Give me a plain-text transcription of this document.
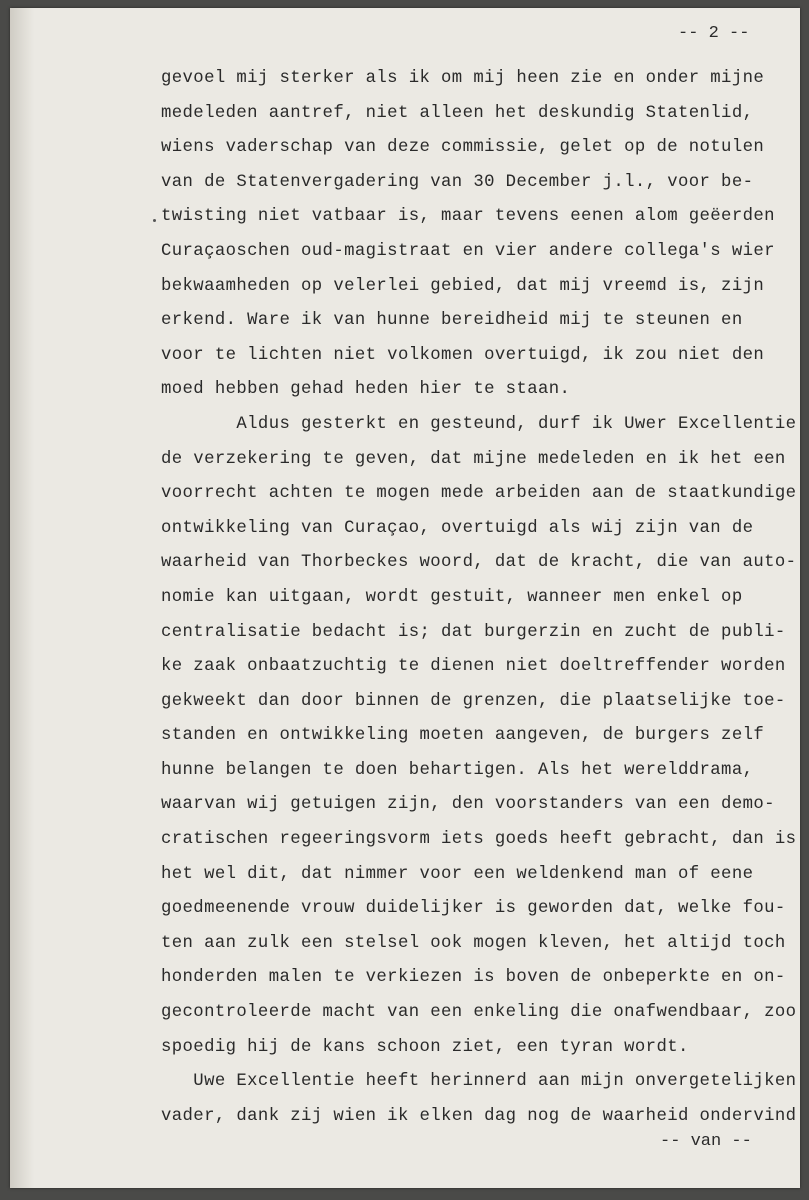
-- 2 --

gevoel mij sterker als ik om mij heen zie en onder mijne
medeleden aantref, niet alleen het deskundig Statenlid,
wiens vaderschap van deze commissie, gelet op de notulen
van de Statenvergadering van 30 December j.l., voor be-
twisting niet vatbaar is, maar tevens eenen alom geëerden
Curaçaoschen oud-magistraat en vier andere collega's wier
bekwaamheden op velerlei gebied, dat mij vreemd is, zijn
erkend. Ware ik van hunne bereidheid mij te steunen en
voor te lichten niet volkomen overtuigd, ik zou niet den
moed hebben gehad heden hier te staan.
Aldus gesterkt en gesteund, durf ik Uwer Excellentie
de verzekering te geven, dat mijne medeleden en ik het een
voorrecht achten te mogen mede arbeiden aan de staatkundige
ontwikkeling van Curaçao, overtuigd als wij zijn van de
waarheid van Thorbeckes woord, dat de kracht, die van auto-
nomie kan uitgaan, wordt gestuit, wanneer men enkel op
centralisatie bedacht is; dat burgerzin en zucht de publi-
ke zaak onbaatzuchtig te dienen niet doeltreffender worden
gekweekt dan door binnen de grenzen, die plaatselijke toe-
standen en ontwikkeling moeten aangeven, de burgers zelf
hunne belangen te doen behartigen. Als het werelddrama,
waarvan wij getuigen zijn, den voorstanders van een demo-
cratischen regeeringsvorm iets goeds heeft gebracht, dan is
het wel dit, dat nimmer voor een weldenkend man of eene
goedmeenende vrouw duidelijker is geworden dat, welke fou-
ten aan zulk een stelsel ook mogen kleven, het altijd toch
honderden malen te verkiezen is boven de onbeperkte en on-
gecontroleerde macht van een enkeling die onafwendbaar, zoo
spoedig hij de kans schoon ziet, een tyran wordt.
Uwe Excellentie heeft herinnerd aan mijn onvergetelijken
vader, dank zij wien ik elken dag nog de waarheid ondervind

-- van --
